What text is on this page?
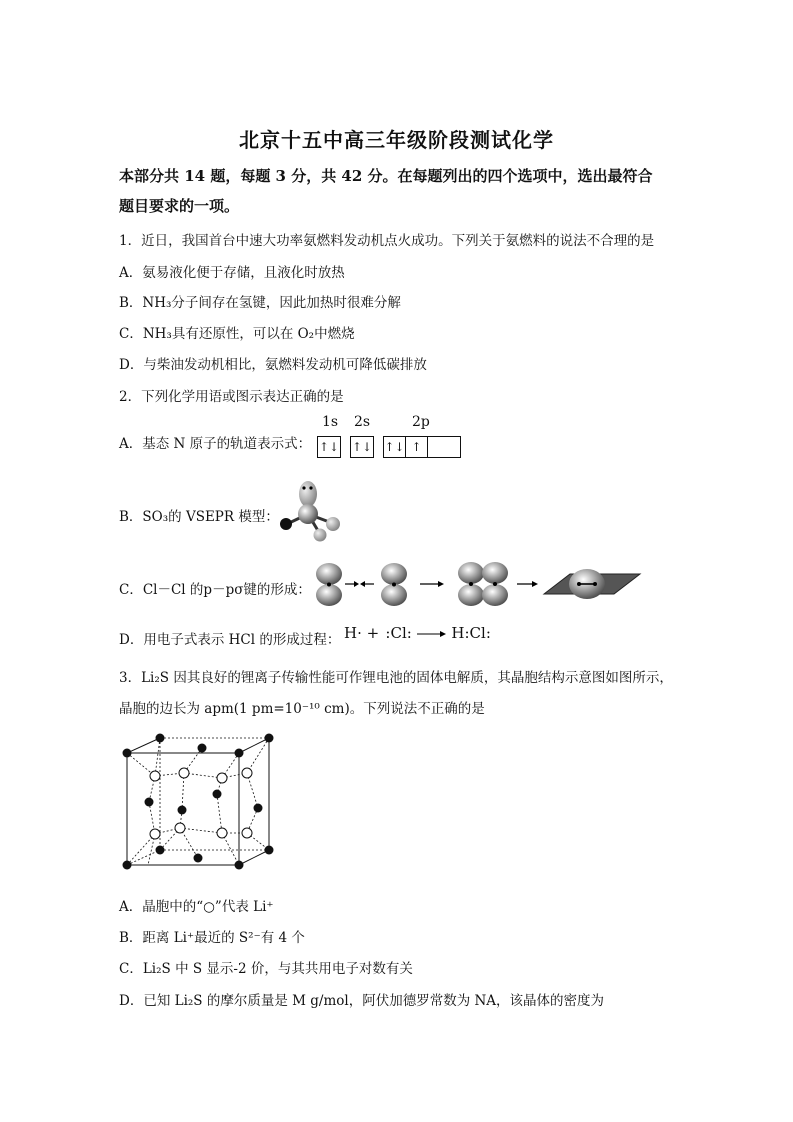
北京十五中高三年级阶段测试化学
本部分共 14 题，每题 3 分，共 42 分。在每题列出的四个选项中，选出最符合
题目要求的一项。
1．近日，我国首台中速大功率氨燃料发动机点火成功。下列关于氨燃料的说法不合理的是
A．氨易液化便于存储，且液化时放热
B．NH₃分子间存在氢键，因此加热时很难分解
C．NH₃具有还原性，可以在 O₂中燃烧
D．与柴油发动机相比，氨燃料发动机可降低碳排放
2．下列化学用语或图示表达正确的是
A．基态 N 原子的轨道表示式：
1s 2s	2p
↑↓ ↑↓ ↑↓ ↑
B．SO₃的 VSEPR 模型：
C．Cl－Cl 的p－pσ键的形成：
D．用电子式表示 HCl 的形成过程： H· + :Cl:	H:Cl:
3．Li₂S 因其良好的锂离子传输性能可作锂电池的固体电解质，其晶胞结构示意图如图所示，
晶胞的边长为 apm(1 pm=10⁻¹⁰ cm)。下列说法不正确的是
A．晶胞中的“○”代表 Li⁺
B．距离 Li⁺最近的 S²⁻有 4 个
C．Li₂S 中 S 显示-2 价，与其共用电子对数有关
D．已知 Li₂S 的摩尔质量是 M g/mol，阿伏加德罗常数为 NA，该晶体的密度为
